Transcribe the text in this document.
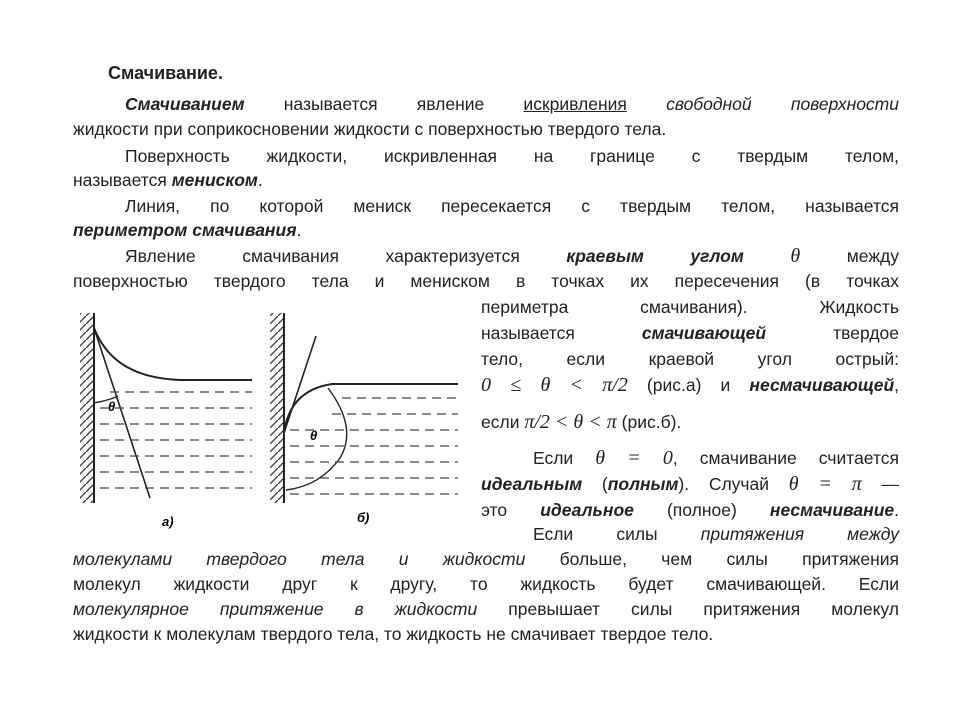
Смачивание.
Смачиванием называется явление искривления свободной поверхности
жидкости при соприкосновении жидкости с поверхностью твердого тела.
Поверхность жидкости, искривленная на границе с твердым телом,
называется мениском.
Линия, по которой мениск пересекается с твердым телом, называется
периметром смачивания.
Явление смачивания характеризуется краевым углом θ между
поверхностью твердого тела и мениском в точках их пересечения (в точках
периметра смачивания). Жидкость
называется смачивающей твердое
тело, если краевой угол острый:
0 ≤ θ < π/2 (рис.а) и несмачивающей,
если π/2 < θ < π (рис.б).
Если θ = 0, смачивание считается
идеальным (полным). Случай θ = π —
это идеальное (полное) несмачивание.
Если силы притяжения между
молекулами твердого тела и жидкости больше, чем силы притяжения
молекул жидкости друг к другу, то жидкость будет смачивающей. Если
молекулярное притяжение в жидкости превышает силы притяжения молекул
жидкости к молекулам твердого тела, то жидкость не смачивает твердое тело.
θ
а)
θ
б)
